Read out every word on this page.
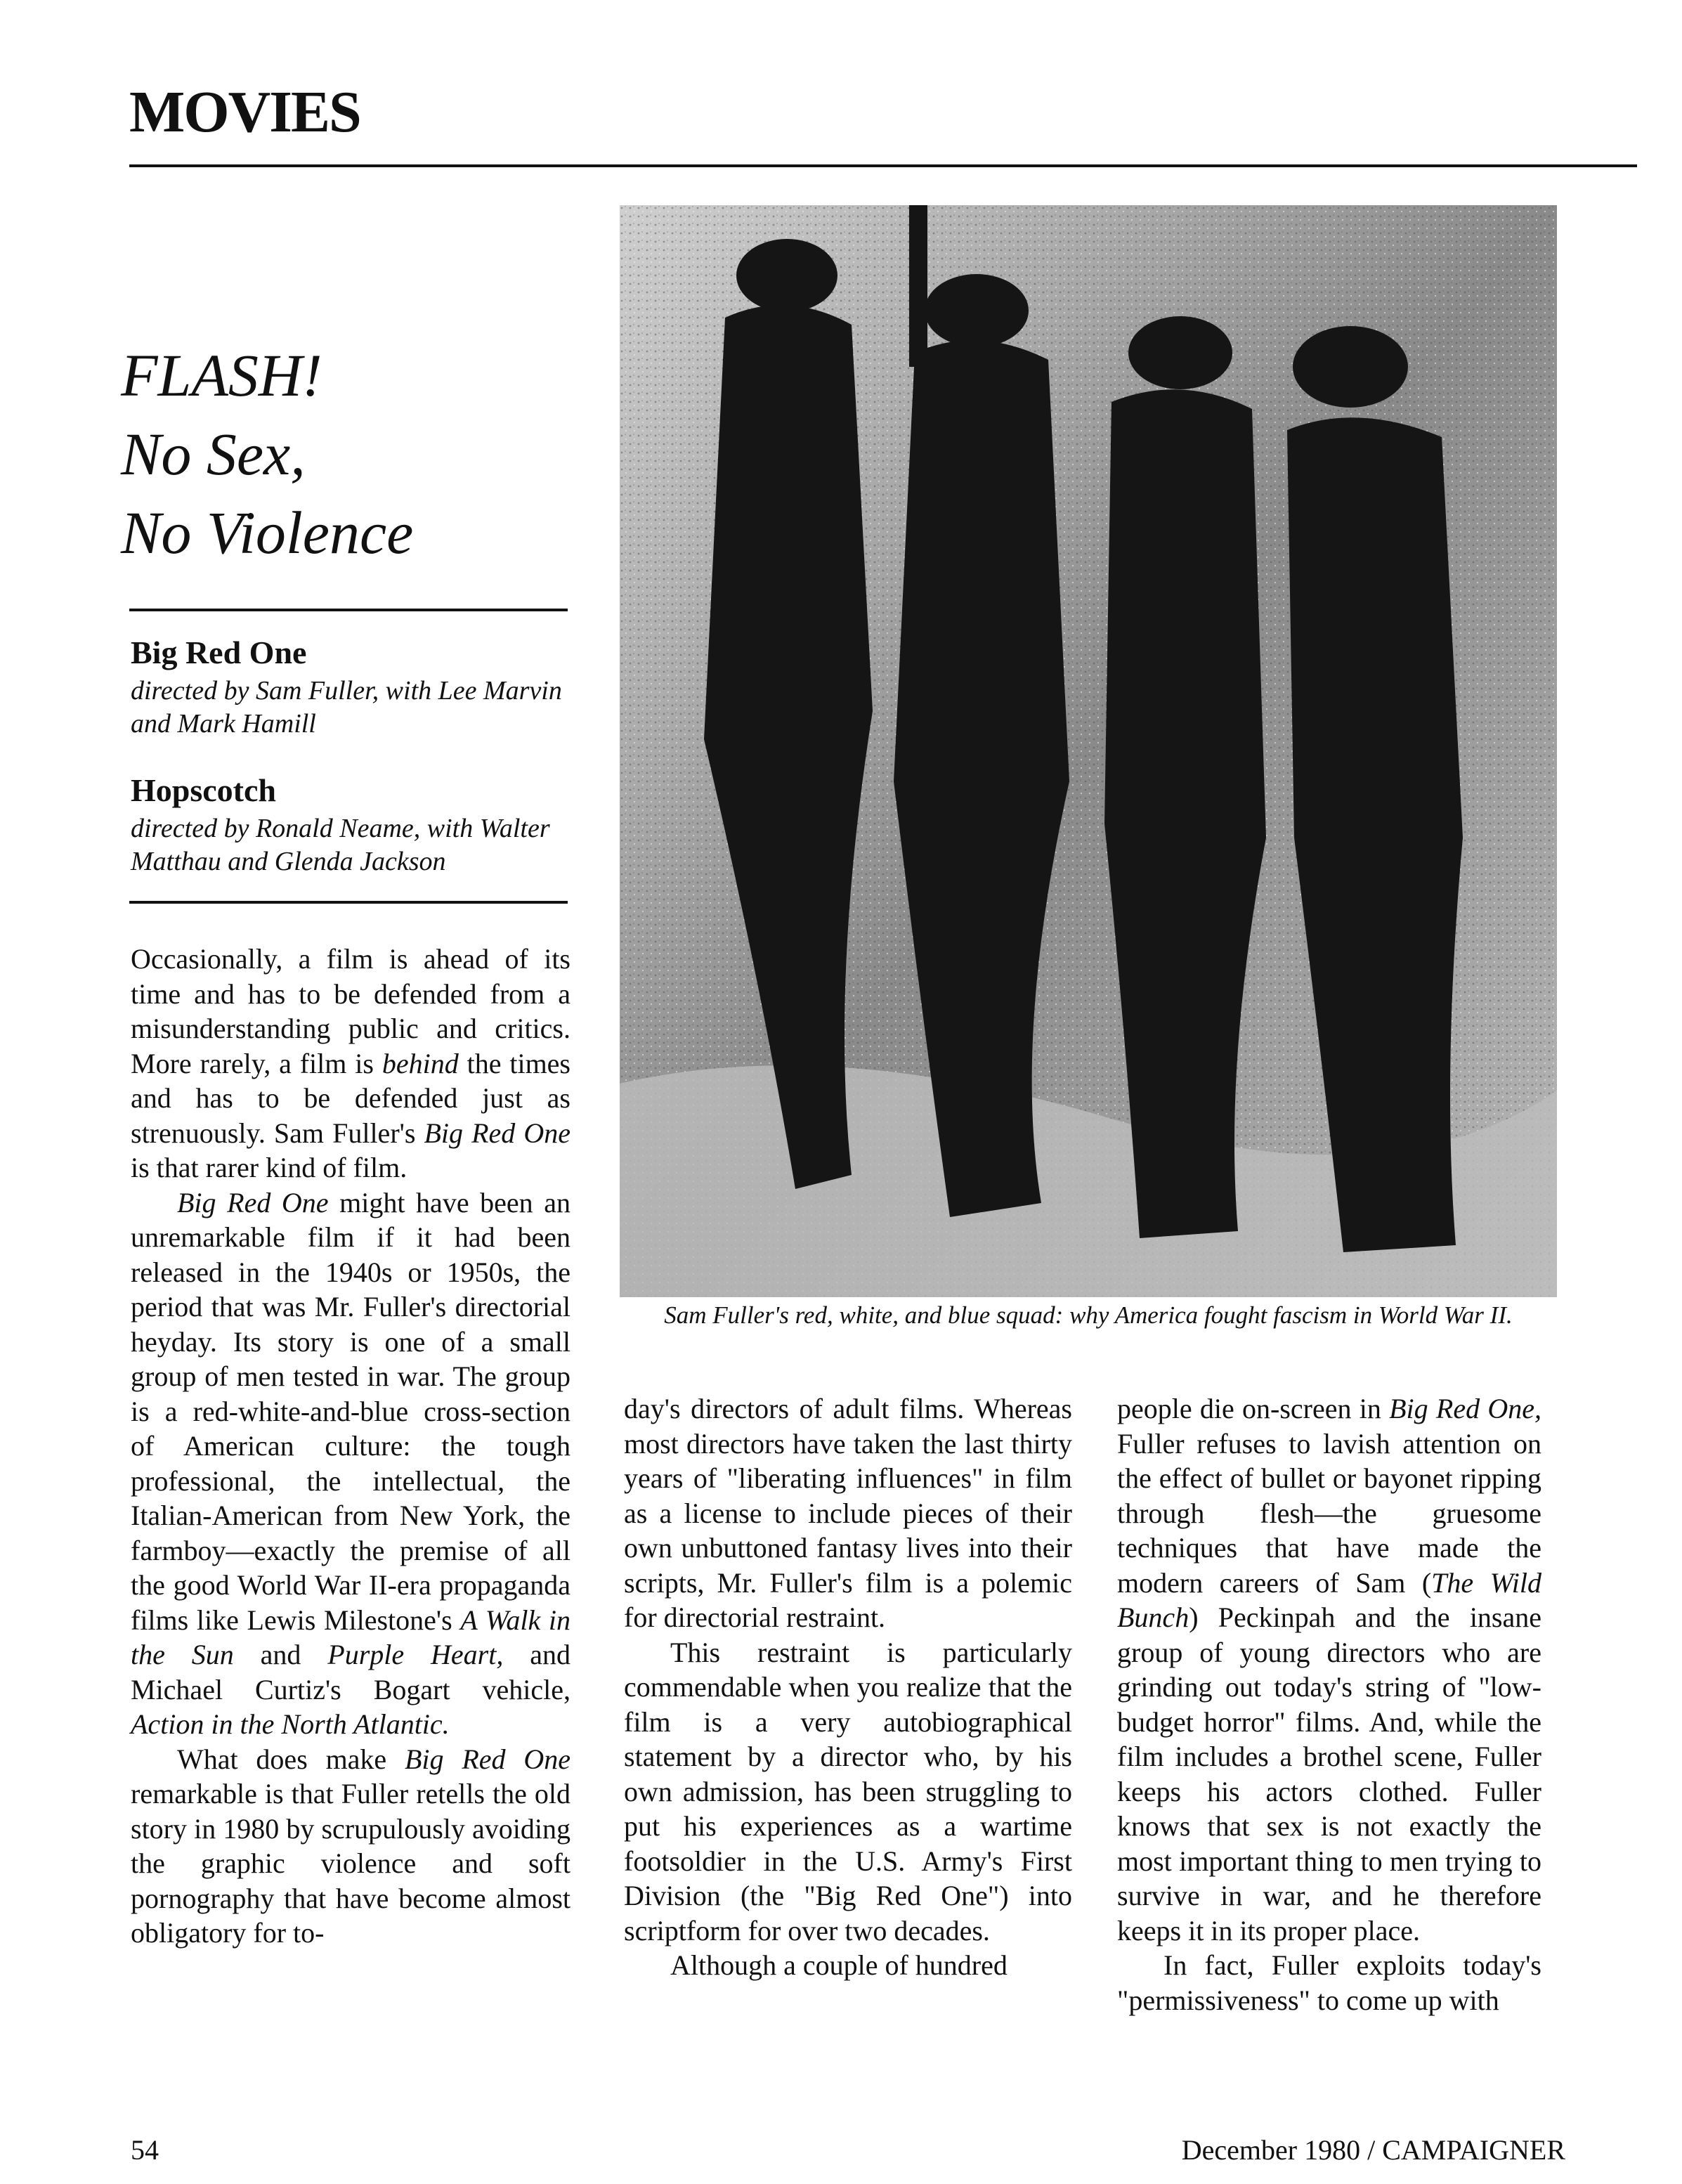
MOVIES
FLASH!
No Sex,
No Violence
Big Red One
directed by Sam Fuller, with Lee Marvin and Mark Hamill
Hopscotch
directed by Ronald Neame, with Walter Matthau and Glenda Jackson

Occasionally, a film is ahead of its time and has to be defended from a misunderstanding public and critics. More rarely, a film is behind the times and has to be defended just as strenuously. Sam Fuller's Big Red One is that rarer kind of film.

Big Red One might have been an unremarkable film if it had been released in the 1940s or 1950s, the period that was Mr. Fuller's directorial heyday. Its story is one of a small group of men tested in war. The group is a red-white-and-blue cross-section of American culture: the tough professional, the intellectual, the Italian-American from New York, the farmboy—exactly the premise of all the good World War II-era propaganda films like Lewis Milestone's A Walk in the Sun and Purple Heart, and Michael Curtiz's Bogart vehicle, Action in the North Atlantic.

What does make Big Red One remarkable is that Fuller retells the old story in 1980 by scrupulously avoiding the graphic violence and soft pornography that have become almost obligatory for to-

Sam Fuller's red, white, and blue squad: why America fought fascism in World War II.

day's directors of adult films. Whereas most directors have taken the last thirty years of "liberating influences" in film as a license to include pieces of their own unbuttoned fantasy lives into their scripts, Mr. Fuller's film is a polemic for directorial restraint.

This restraint is particularly commendable when you realize that the film is a very autobiographical statement by a director who, by his own admission, has been struggling to put his experiences as a wartime footsoldier in the U.S. Army's First Division (the "Big Red One") into scriptform for over two decades.

Although a couple of hundred

people die on-screen in Big Red One, Fuller refuses to lavish attention on the effect of bullet or bayonet ripping through flesh—the gruesome techniques that have made the modern careers of Sam (The Wild Bunch) Peckinpah and the insane group of young directors who are grinding out today's string of "low-budget horror" films. And, while the film includes a brothel scene, Fuller keeps his actors clothed. Fuller knows that sex is not exactly the most important thing to men trying to survive in war, and he therefore keeps it in its proper place.

In fact, Fuller exploits today's "permissiveness" to come up with

54	December 1980 / CAMPAIGNER
